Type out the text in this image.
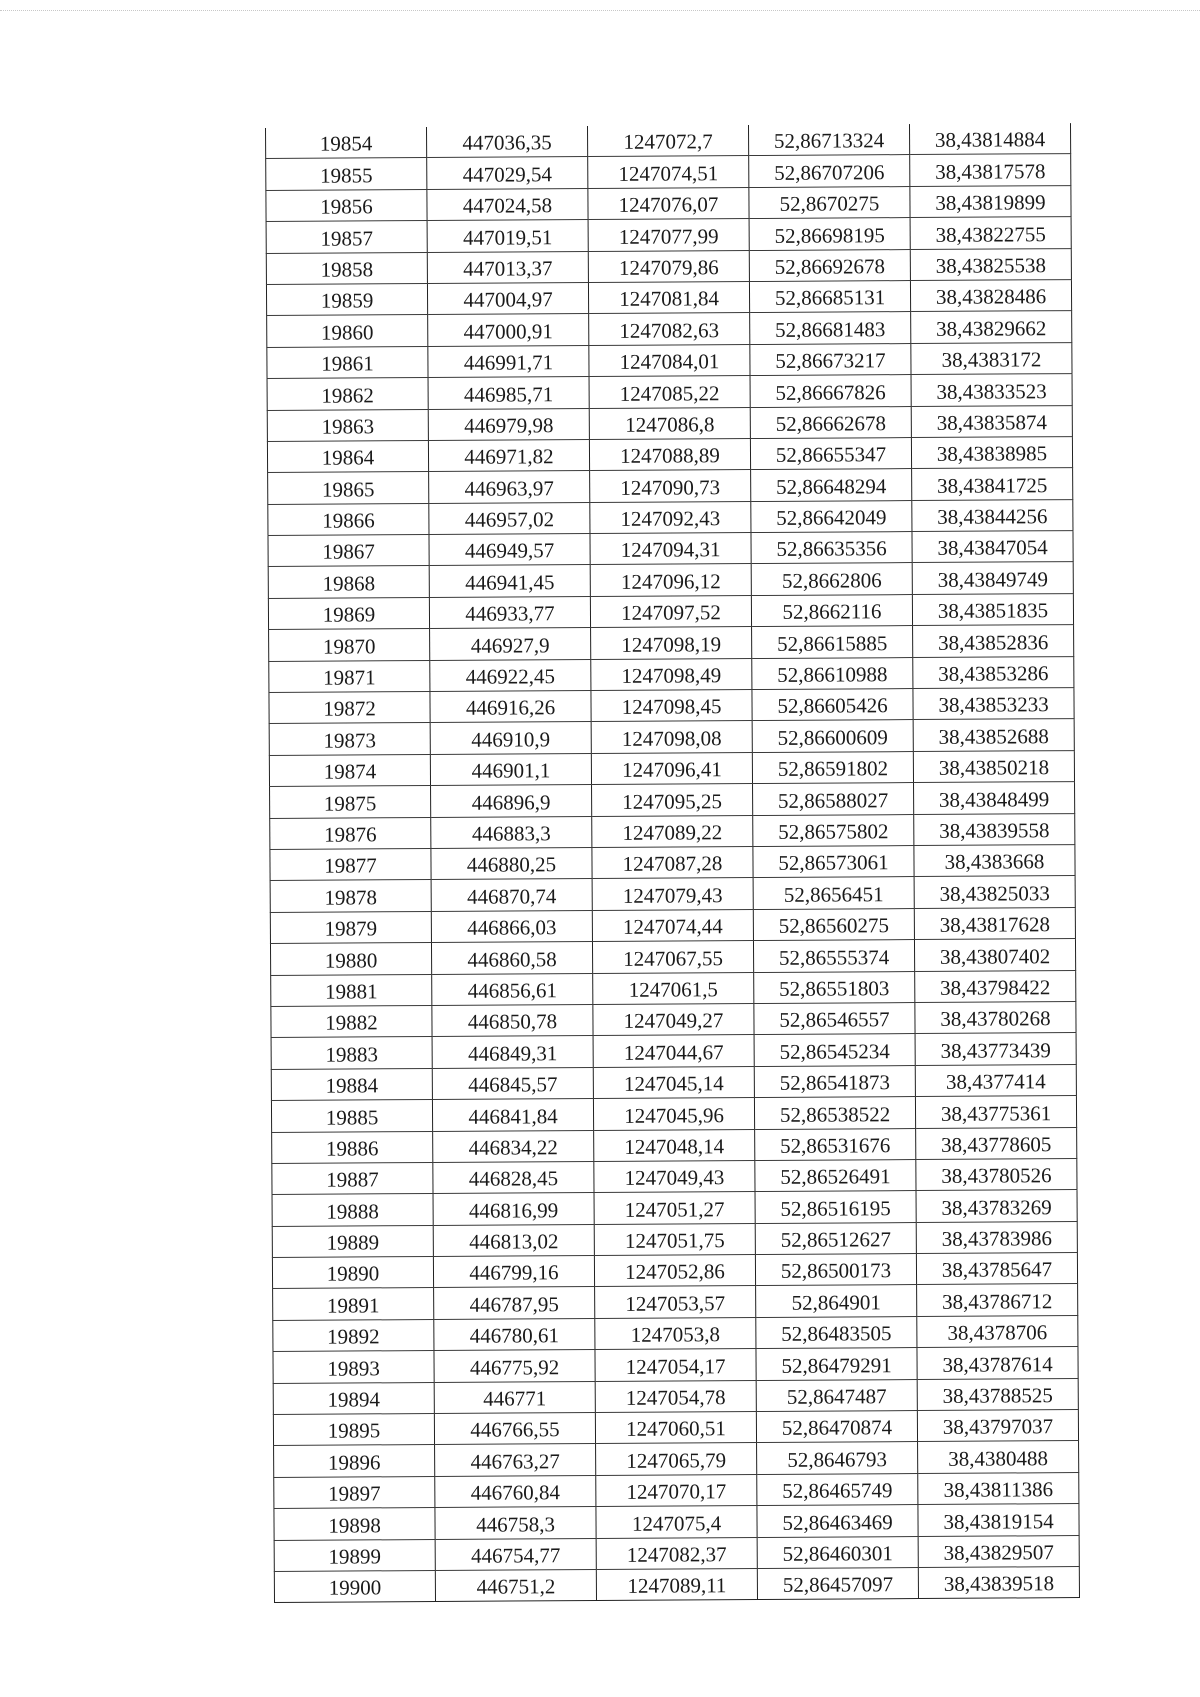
19854	447036,35	1247072,7	52,86713324	38,43814884
19855	447029,54	1247074,51	52,86707206	38,43817578
19856	447024,58	1247076,07	52,8670275	38,43819899
19857	447019,51	1247077,99	52,86698195	38,43822755
19858	447013,37	1247079,86	52,86692678	38,43825538
19859	447004,97	1247081,84	52,86685131	38,43828486
19860	447000,91	1247082,63	52,86681483	38,43829662
19861	446991,71	1247084,01	52,86673217	38,4383172
19862	446985,71	1247085,22	52,86667826	38,43833523
19863	446979,98	1247086,8	52,86662678	38,43835874
19864	446971,82	1247088,89	52,86655347	38,43838985
19865	446963,97	1247090,73	52,86648294	38,43841725
19866	446957,02	1247092,43	52,86642049	38,43844256
19867	446949,57	1247094,31	52,86635356	38,43847054
19868	446941,45	1247096,12	52,8662806	38,43849749
19869	446933,77	1247097,52	52,8662116	38,43851835
19870	446927,9	1247098,19	52,86615885	38,43852836
19871	446922,45	1247098,49	52,86610988	38,43853286
19872	446916,26	1247098,45	52,86605426	38,43853233
19873	446910,9	1247098,08	52,86600609	38,43852688
19874	446901,1	1247096,41	52,86591802	38,43850218
19875	446896,9	1247095,25	52,86588027	38,43848499
19876	446883,3	1247089,22	52,86575802	38,43839558
19877	446880,25	1247087,28	52,86573061	38,4383668
19878	446870,74	1247079,43	52,8656451	38,43825033
19879	446866,03	1247074,44	52,86560275	38,43817628
19880	446860,58	1247067,55	52,86555374	38,43807402
19881	446856,61	1247061,5	52,86551803	38,43798422
19882	446850,78	1247049,27	52,86546557	38,43780268
19883	446849,31	1247044,67	52,86545234	38,43773439
19884	446845,57	1247045,14	52,86541873	38,4377414
19885	446841,84	1247045,96	52,86538522	38,43775361
19886	446834,22	1247048,14	52,86531676	38,43778605
19887	446828,45	1247049,43	52,86526491	38,43780526
19888	446816,99	1247051,27	52,86516195	38,43783269
19889	446813,02	1247051,75	52,86512627	38,43783986
19890	446799,16	1247052,86	52,86500173	38,43785647
19891	446787,95	1247053,57	52,864901	38,43786712
19892	446780,61	1247053,8	52,86483505	38,4378706
19893	446775,92	1247054,17	52,86479291	38,43787614
19894	446771	1247054,78	52,8647487	38,43788525
19895	446766,55	1247060,51	52,86470874	38,43797037
19896	446763,27	1247065,79	52,8646793	38,4380488
19897	446760,84	1247070,17	52,86465749	38,43811386
19898	446758,3	1247075,4	52,86463469	38,43819154
19899	446754,77	1247082,37	52,86460301	38,43829507
19900	446751,2	1247089,11	52,86457097	38,43839518
